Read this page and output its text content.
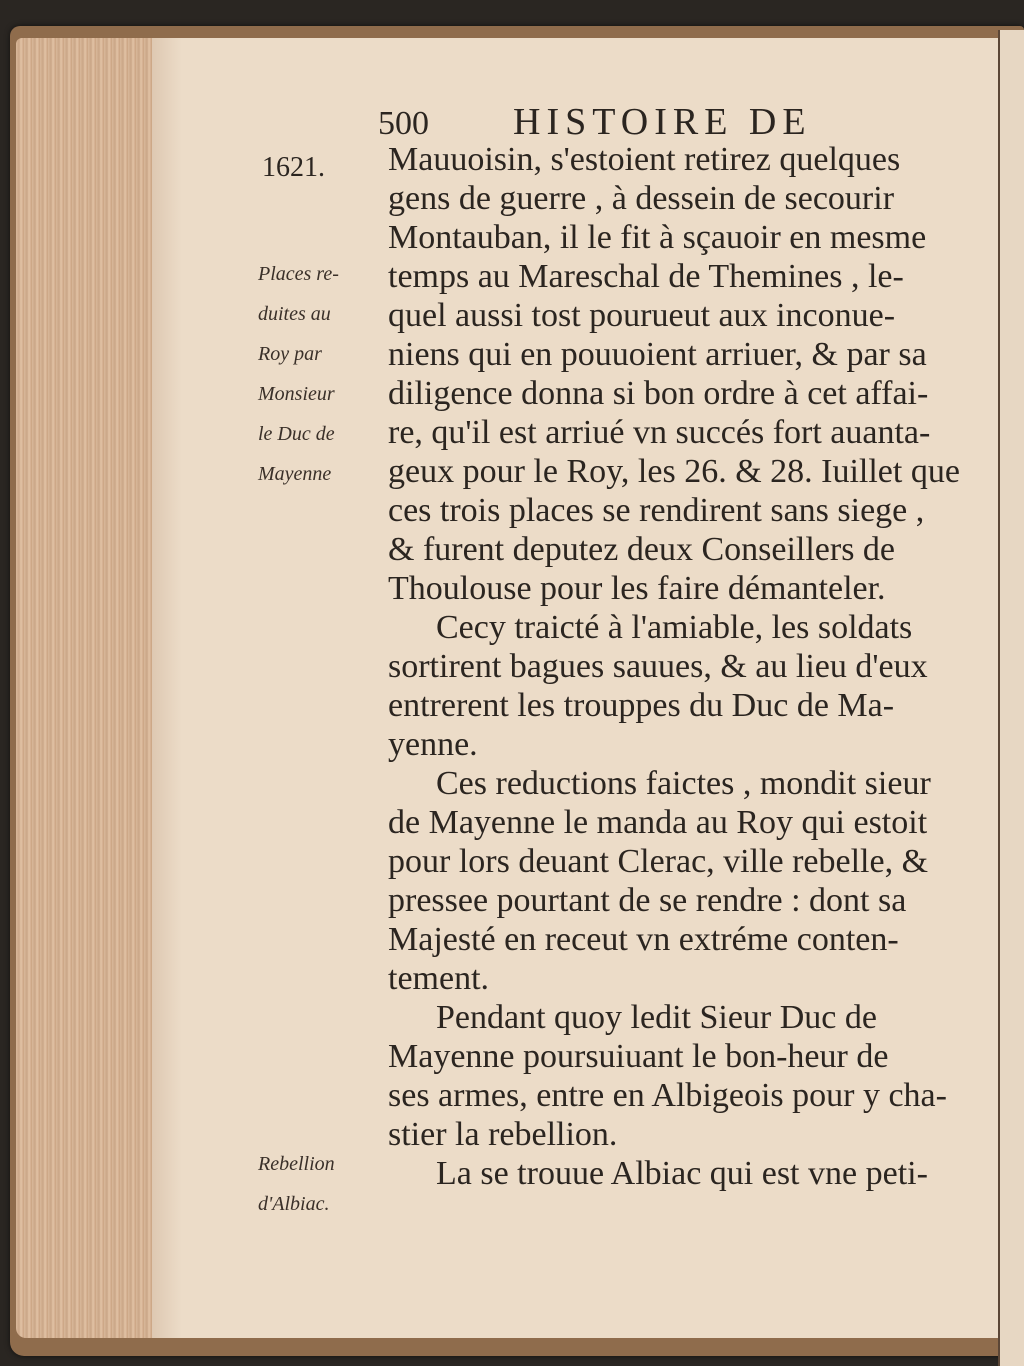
500 HISTOIRE DE
1621.
Places re-
duites au
Roy par
Monsieur
le Duc de
Mayenne
Rebellion
d'Albiac.
Mauuoisin, s'estoient retirez quelques
gens de guerre , à dessein de secourir
Montauban, il le fit à sçauoir en mesme
temps au Mareschal de Themines , le-
quel aussi tost pourueut aux inconue-
niens qui en pouuoient arriuer, & par sa
diligence donna si bon ordre à cet affai-
re, qu'il est arriué vn succés fort auanta-
geux pour le Roy, les 26. & 28. Iuillet que
ces trois places se rendirent sans siege ,
& furent deputez deux Conseillers de
Thoulouse pour les faire démanteler.
Cecy traicté à l'amiable, les soldats
sortirent bagues sauues, & au lieu d'eux
entrerent les trouppes du Duc de Ma-
yenne.
Ces reductions faictes , mondit sieur
de Mayenne le manda au Roy qui estoit
pour lors deuant Clerac, ville rebelle, &
pressee pourtant de se rendre : dont sa
Majesté en receut vn extréme conten-
tement.
Pendant quoy ledit Sieur Duc de
Mayenne poursuiuant le bon-heur de
ses armes, entre en Albigeois pour y cha-
stier la rebellion.
La se trouue Albiac qui est vne peti-
